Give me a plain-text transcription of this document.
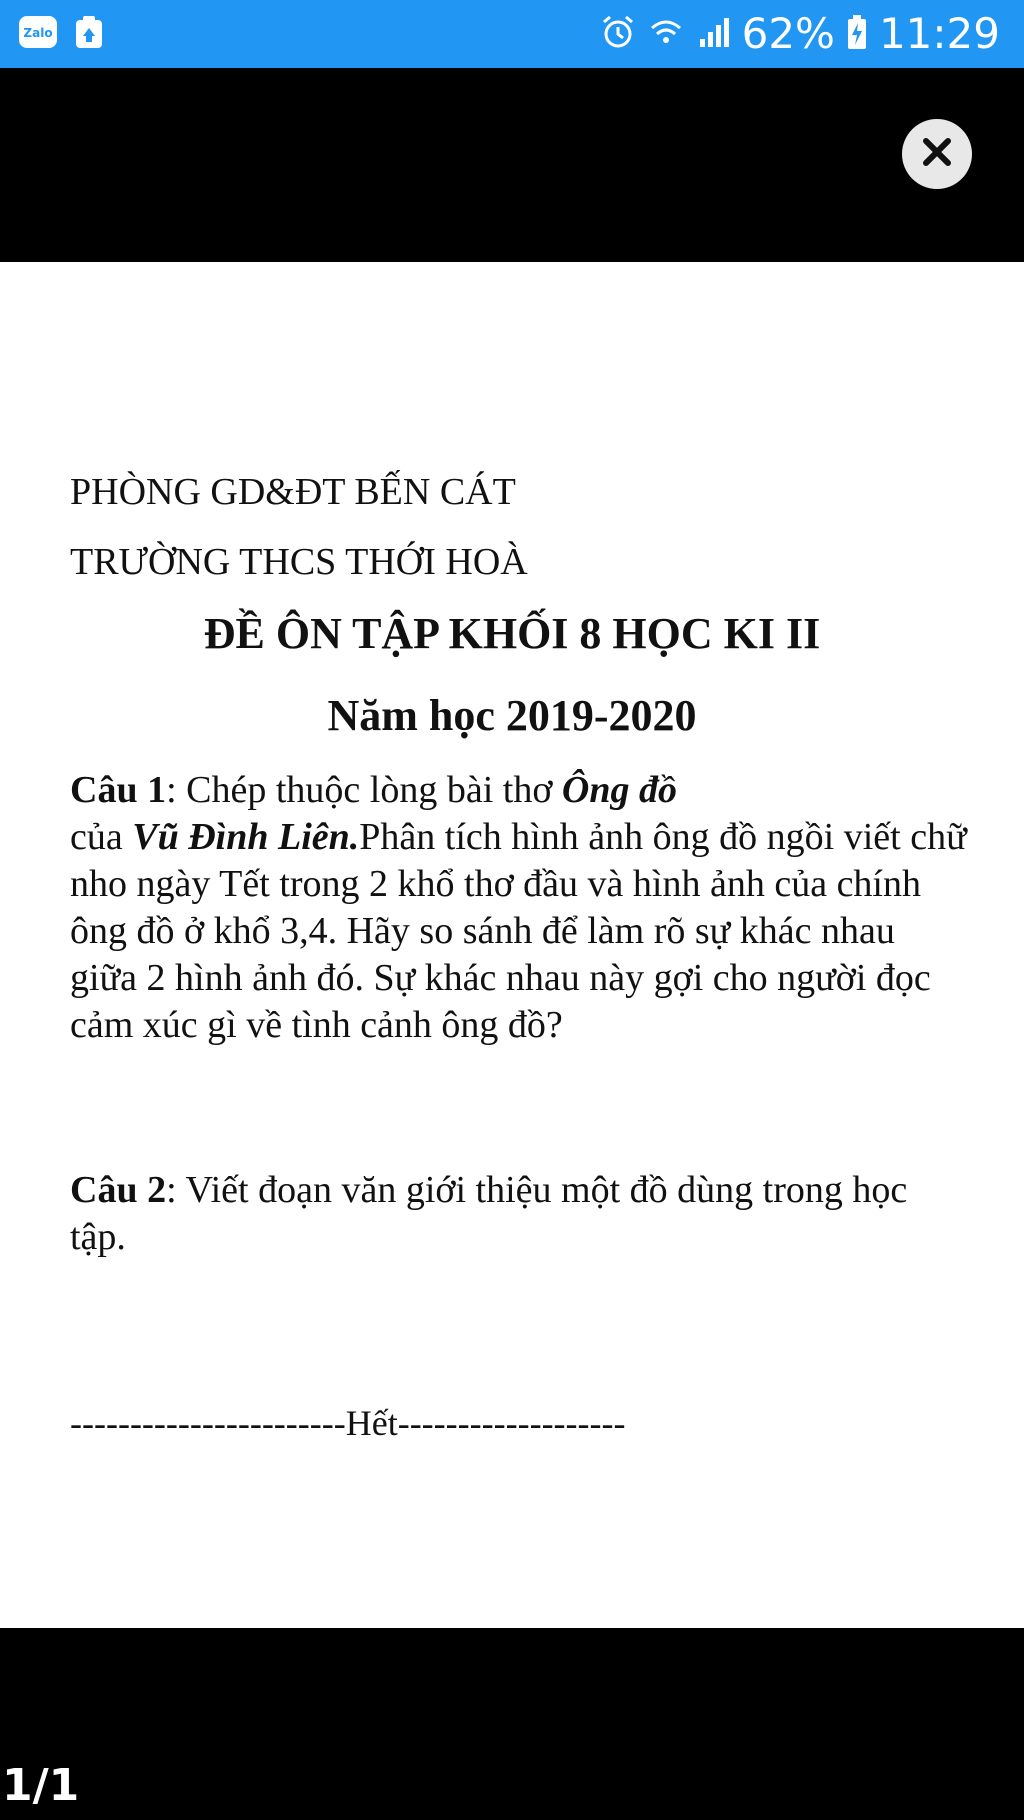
Zalo	62% 11:29
PHÒNG GD&ĐT BẾN CÁT
TRƯỜNG THCS THỚI HOÀ
ĐỀ ÔN TẬP KHỐI 8 HỌC KI II
Năm học 2019-2020
Câu 1: Chép thuộc lòng bài thơ Ông đồ
của Vũ Đình Liên.Phân tích hình ảnh ông đồ ngồi viết chữ nho ngày Tết trong 2 khổ thơ đầu và hình ảnh của chính ông đồ ở khổ 3,4. Hãy so sánh để làm rõ sự khác nhau giữa 2 hình ảnh đó. Sự khác nhau này gợi cho người đọc cảm xúc gì về tình cảnh ông đồ?
Câu 2: Viết đoạn văn giới thiệu một đồ dùng trong học tập.
-----------------------Hết-------------------
1/1
